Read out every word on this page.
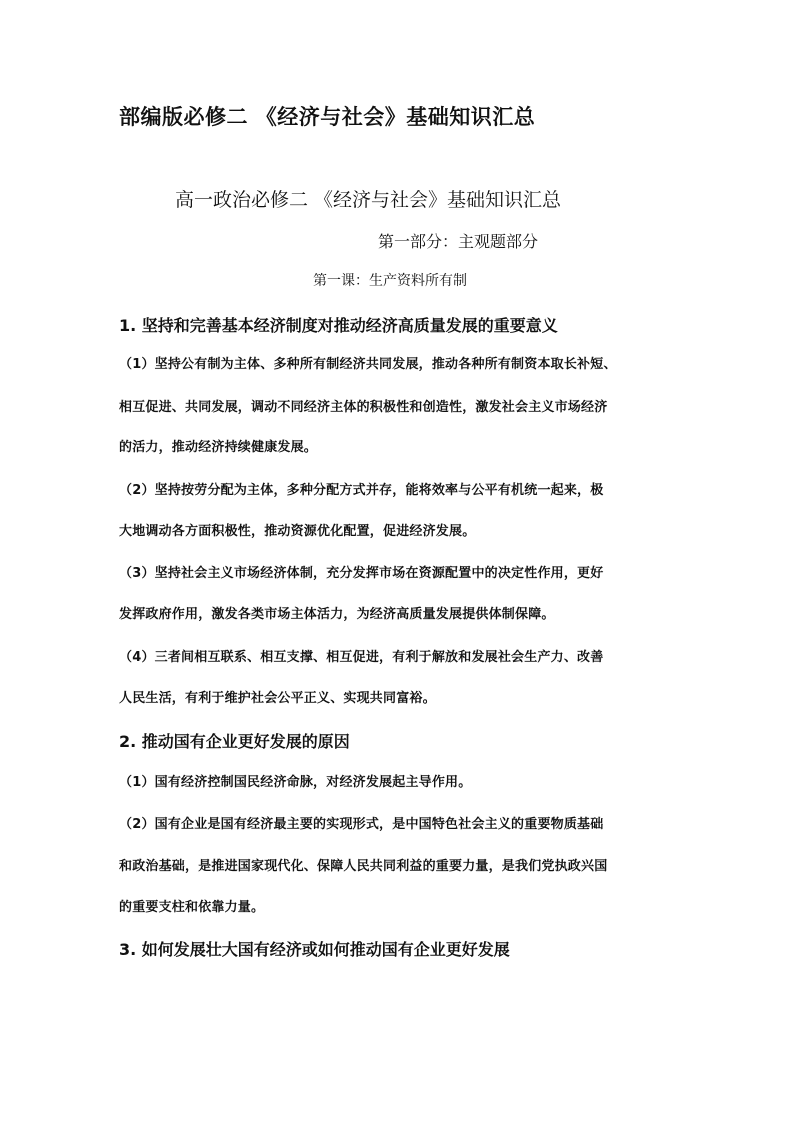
部编版必修二 《经济与社会》基础知识汇总
高一政治必修二 《经济与社会》基础知识汇总
第一部分：主观题部分
第一课：生产资料所有制
1. 坚持和完善基本经济制度对推动经济高质量发展的重要意义
（1）坚持公有制为主体、多种所有制经济共同发展，推动各种所有制资本取长补短、
相互促进、共同发展，调动不同经济主体的积极性和创造性，激发社会主义市场经济
的活力，推动经济持续健康发展。
（2）坚持按劳分配为主体，多种分配方式并存，能将效率与公平有机统一起来，极
大地调动各方面积极性，推动资源优化配置，促进经济发展。
（3）坚持社会主义市场经济体制，充分发挥市场在资源配置中的决定性作用，更好
发挥政府作用，激发各类市场主体活力，为经济高质量发展提供体制保障。
（4）三者间相互联系、相互支撑、相互促进，有利于解放和发展社会生产力、改善
人民生活，有利于维护社会公平正义、实现共同富裕。
2. 推动国有企业更好发展的原因
（1）国有经济控制国民经济命脉，对经济发展起主导作用。
（2）国有企业是国有经济最主要的实现形式，是中国特色社会主义的重要物质基础
和政治基础，是推进国家现代化、保障人民共同利益的重要力量，是我们党执政兴国
的重要支柱和依靠力量。
3. 如何发展壮大国有经济或如何推动国有企业更好发展
